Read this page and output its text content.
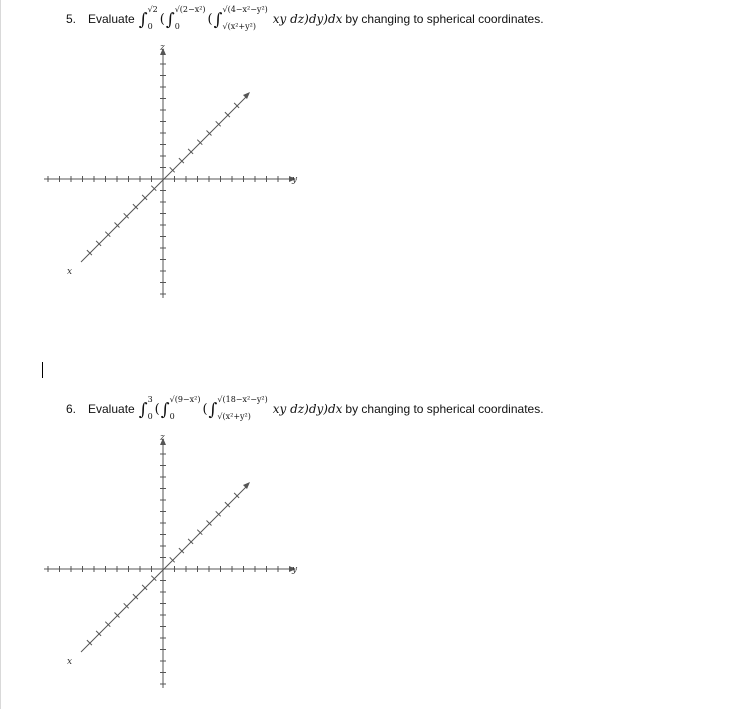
5. Evaluate ∫
√2
0 ( ∫
√(2−x²)
0	( ∫
√(4−x²−y²)
√(x²+y²)
xy dz)dy)dx by changing to spherical coordinates.
z
y
x
6. Evaluate ∫
3
0 ( ∫
√(9−x²)
0	( ∫
√(18−x²−y²)
√(x²+y²)
xy dz)dy)dx by changing to spherical coordinates.
z
y
x
